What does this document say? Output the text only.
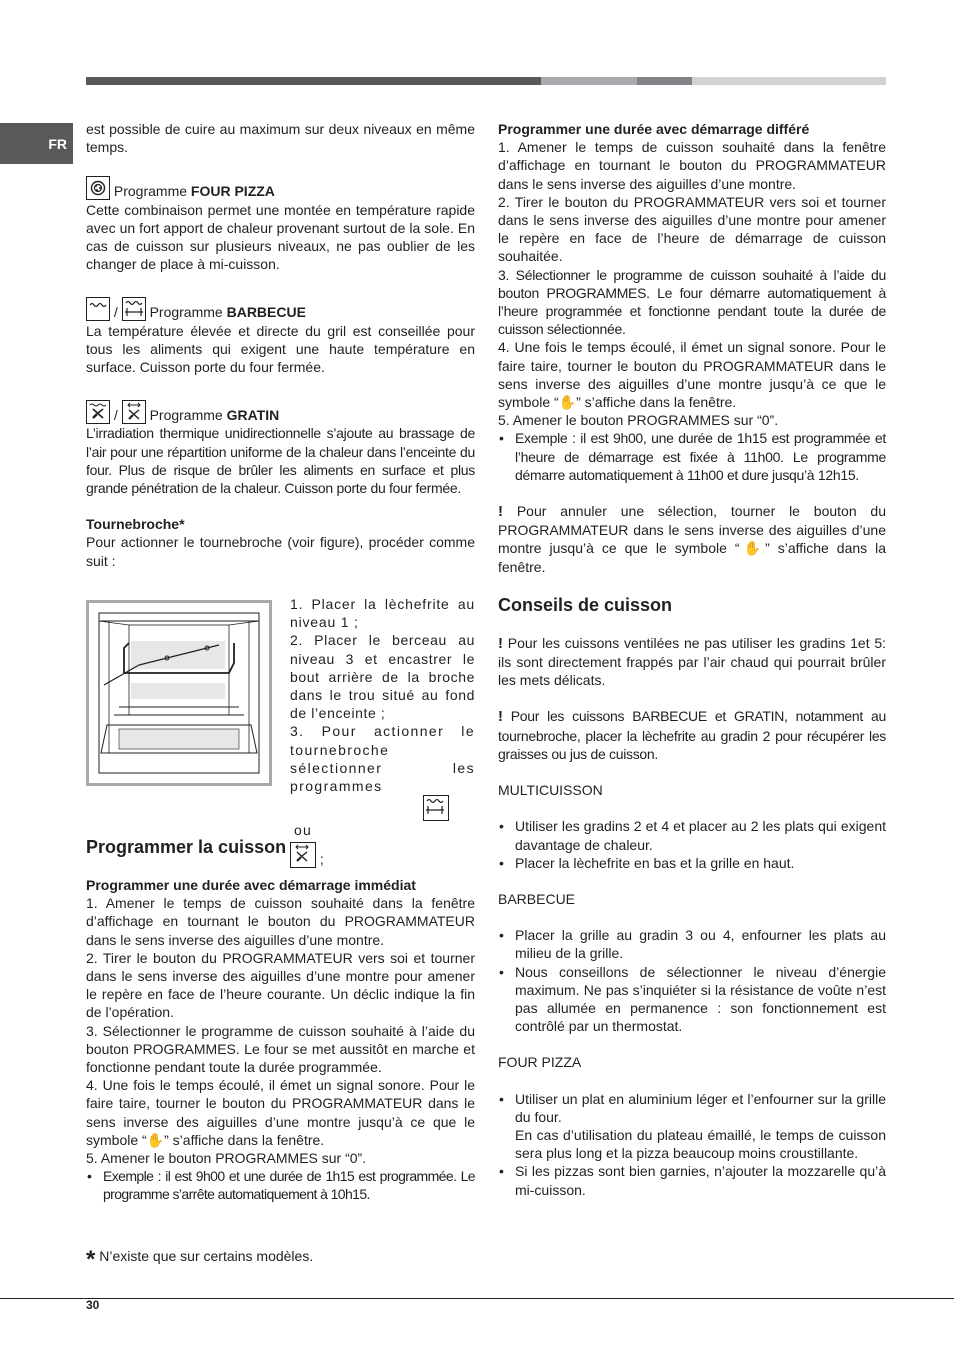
FR

est possible de cuire au maximum sur deux niveaux en même temps.

Programme FOUR PIZZA

Cette combinaison permet une montée en température rapide avec un fort apport de chaleur provenant surtout de la sole. En cas de cuisson sur plusieurs niveaux, ne pas oublier de les changer de place à mi-cuisson.

/ Programme BARBECUE

La température élevée et directe du gril est conseillée pour tous les aliments qui exigent une haute température en surface. Cuisson porte du four fermée.

/ Programme GRATIN

L’irradiation thermique unidirectionnelle s’ajoute au brassage de l’air pour une répartition uniforme de la chaleur dans l’enceinte du four. Plus de risque de brûler les aliments en surface et plus grande pénétration de la chaleur. Cuisson porte du four fermée.

Tournebroche*

Pour actionner le tournebroche (voir figure), procéder comme suit :

1. Placer la lèchefrite au niveau 1 ;

2. Placer le berceau au niveau 3 et encastrer le bout arrière de la broche dans le trou situé au fond de l’enceinte ;

3. Pour actionner le tournebroche sélectionner les programmes

ou

;

Programmer la cuisson

Programmer une durée avec démarrage immédiat

1. Amener le temps de cuisson souhaité dans la fenêtre d’affichage en tournant le bouton du PROGRAMMATEUR dans le sens inverse des aiguilles d’une montre.

2. Tirer le bouton du PROGRAMMATEUR vers soi et tourner dans le sens inverse des aiguilles d’une montre pour amener le repère en face de l’heure courante. Un déclic indique la fin de l’opération.

3. Sélectionner le programme de cuisson souhaité à l’aide du bouton PROGRAMMES. Le four se met aussitôt en marche et fonctionne pendant toute la durée programmée.

4. Une fois le temps écoulé, il émet un signal sonore. Pour le faire taire, tourner le bouton du PROGRAMMATEUR dans le sens inverse des aiguilles d’une montre jusqu’à ce que le symbole “✋” s’affiche dans la fenêtre.

5. Amener le bouton PROGRAMMES sur “0”.

• Exemple : il est 9h00 et une durée de 1h15 est programmée. Le programme s’arrête automatiquement à 10h15.
* N’existe que sur certains modèles.

Programmer une durée avec démarrage différé

1. Amener le temps de cuisson souhaité dans la fenêtre d’affichage en tournant le bouton du PROGRAMMATEUR dans le sens inverse des aiguilles d’une montre.

2. Tirer le bouton du PROGRAMMATEUR vers soi et tourner dans le sens inverse des aiguilles d’une montre pour amener le repère en face de l’heure de démarrage de cuisson souhaitée.

3. Sélectionner le programme de cuisson souhaité à l’aide du bouton PROGRAMMES. Le four démarre automatiquement à l’heure programmée et fonctionne pendant toute la durée de cuisson sélectionnée.

4. Une fois le temps écoulé, il émet un signal sonore. Pour le faire taire, tourner le bouton du PROGRAMMATEUR dans le sens inverse des aiguilles d’une montre jusqu’à ce que le symbole “✋” s’affiche dans la fenêtre.

5. Amener le bouton PROGRAMMES sur “0”.

• Exemple : il est 9h00, une durée de 1h15 est programmée et l’heure de démarrage est fixée à 11h00. Le programme démarre automatiquement à 11h00 et dure jusqu’à 12h15.

! Pour annuler une sélection, tourner le bouton du PROGRAMMATEUR dans le sens inverse des aiguilles d’une montre jusqu’à ce que le symbole “✋” s’affiche dans la fenêtre.

Conseils de cuisson

! Pour les cuissons ventilées ne pas utiliser les gradins 1et 5: ils sont directement frappés par l’air chaud qui pourrait brûler les mets délicats.

! Pour les cuissons BARBECUE et GRATIN, notamment au tournebroche, placer la lèchefrite au gradin 2 pour récupérer les graisses ou jus de cuisson.

MULTICUISSON

• Utiliser les gradins 2 et 4 et placer au 2 les plats qui exigent davantage de chaleur.
• Placer la lèchefrite en bas et la grille en haut.

BARBECUE

• Placer la grille au gradin 3 ou 4, enfourner les plats au milieu de la grille.
• Nous conseillons de sélectionner le niveau d’énergie maximum. Ne pas s’inquiéter si la résistance de voûte n’est pas allumée en permanence : son fonctionnement est contrôlé par un thermostat.

FOUR PIZZA

• Utiliser un plat en aluminium léger et l’enfourner sur la grille du four.
En cas d’utilisation du plateau émaillé, le temps de cuisson sera plus long et la pizza beaucoup moins croustillante.
• Si les pizzas sont bien garnies, n’ajouter la mozzarelle qu’à mi-cuisson.
30
